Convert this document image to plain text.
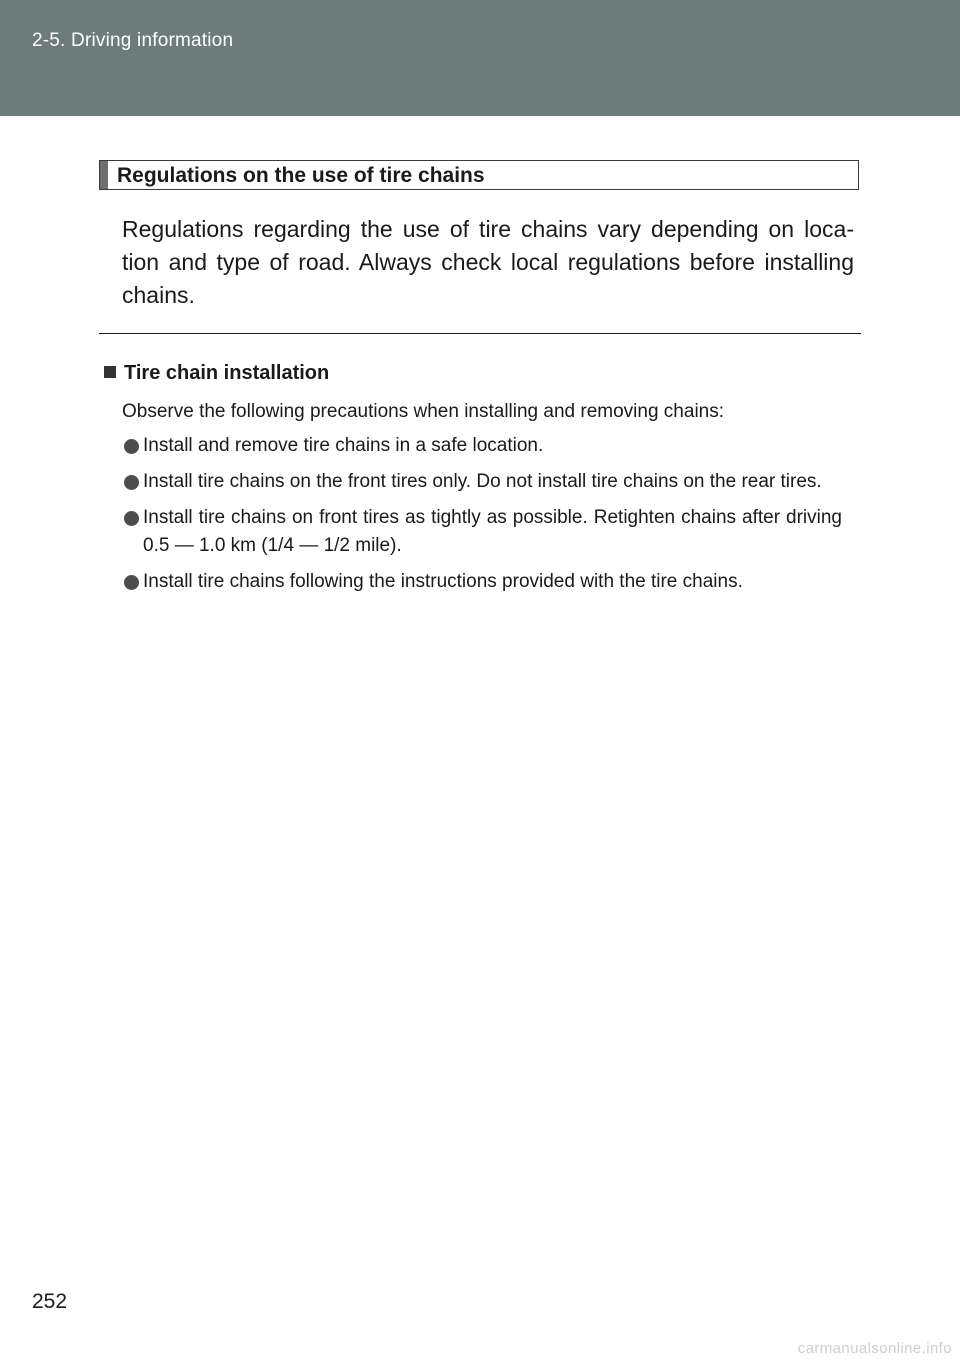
2-5. Driving information
Regulations on the use of tire chains
Regulations regarding the use of tire chains vary depending on loca-tion and type of road. Always check local regulations before installing chains.
Tire chain installation
Observe the following precautions when installing and removing chains:
Install and remove tire chains in a safe location.
Install tire chains on the front tires only. Do not install tire chains on the rear tires.
Install tire chains on front tires as tightly as possible. Retighten chains after driving 0.5 — 1.0 km (1/4 — 1/2 mile).
Install tire chains following the instructions provided with the tire chains.
252
carmanualsonline.info
